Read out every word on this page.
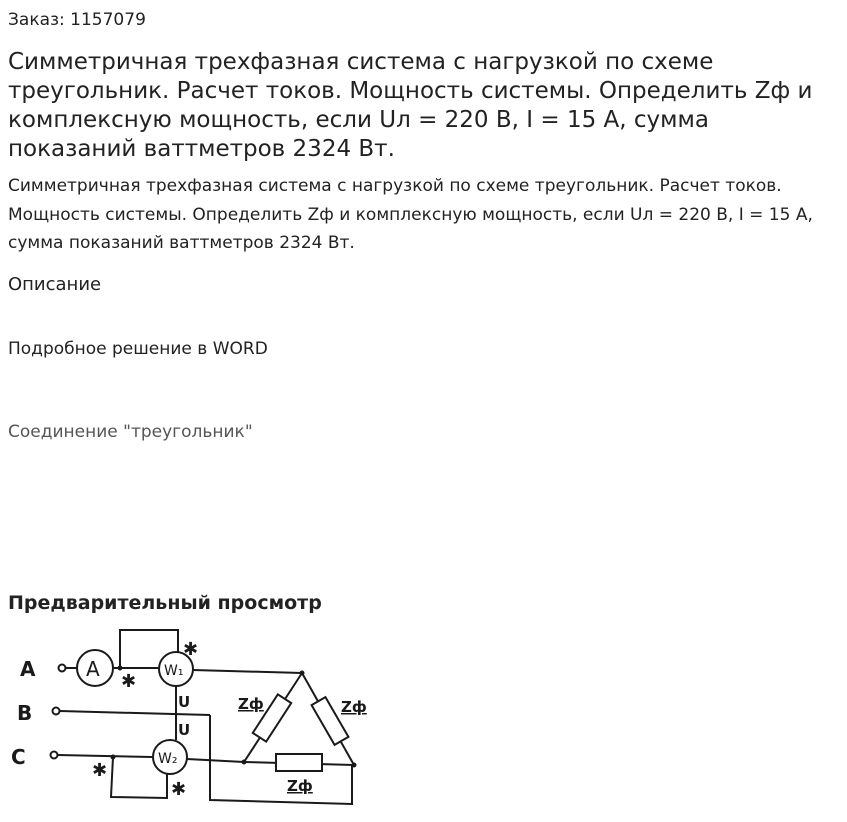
Заказ: 1157079
Симметричная трехфазная система с нагрузкой по схеме треугольник. Расчет токов. Мощность системы. Определить Zф и комплексную мощность, если Uл = 220 В, I = 15 А, сумма показаний ваттметров 2324 Вт.
Симметричная трехфазная система с нагрузкой по схеме треугольник. Расчет токов. Мощность системы. Определить Zф и комплексную мощность, если Uл = 220 В, I = 15 А, сумма показаний ваттметров 2324 Вт.
Описание
Подробное решение в WORD
Соединение "треугольник"
Предварительный просмотр
A
B
C
A	W₁
W₂
U
U
✱
✱
✱
✱
Zф	Zф
Zф
